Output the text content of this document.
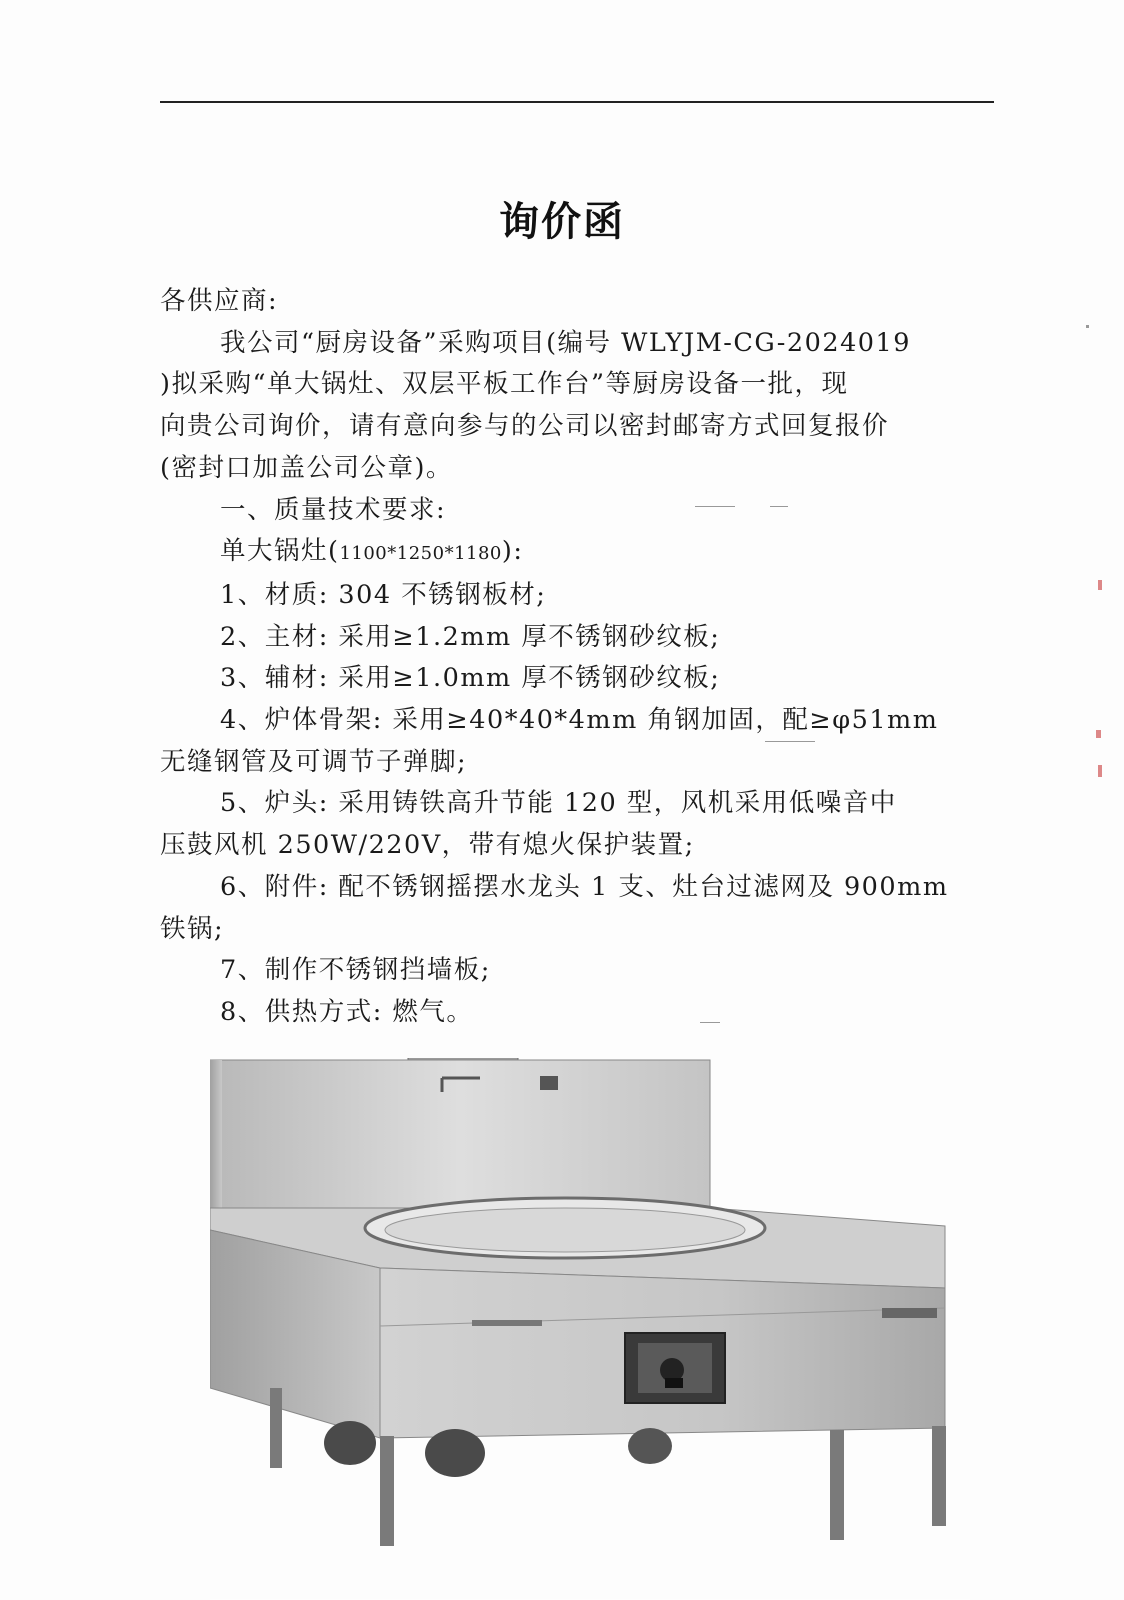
询价函

各供应商:

我公司“厨房设备”采购项目(编号 WLYJM-CG-2024019

)拟采购“单大锅灶、双层平板工作台”等厨房设备一批，现

向贵公司询价，请有意向参与的公司以密封邮寄方式回复报价

(密封口加盖公司公章)。

一、质量技术要求:

单大锅灶(1100*1250*1180):

1、材质: 304 不锈钢板材;

2、主材: 采用≥1.2mm 厚不锈钢砂纹板;

3、辅材: 采用≥1.0mm 厚不锈钢砂纹板;

4、炉体骨架: 采用≥40*40*4mm 角钢加固，配≥φ51mm

无缝钢管及可调节子弹脚;

5、炉头: 采用铸铁高升节能 120 型，风机采用低噪音中

压鼓风机 250W/220V，带有熄火保护装置;

6、附件: 配不锈钢摇摆水龙头 1 支、灶台过滤网及 900mm

铁锅;

7、制作不锈钢挡墙板;

8、供热方式: 燃气。
